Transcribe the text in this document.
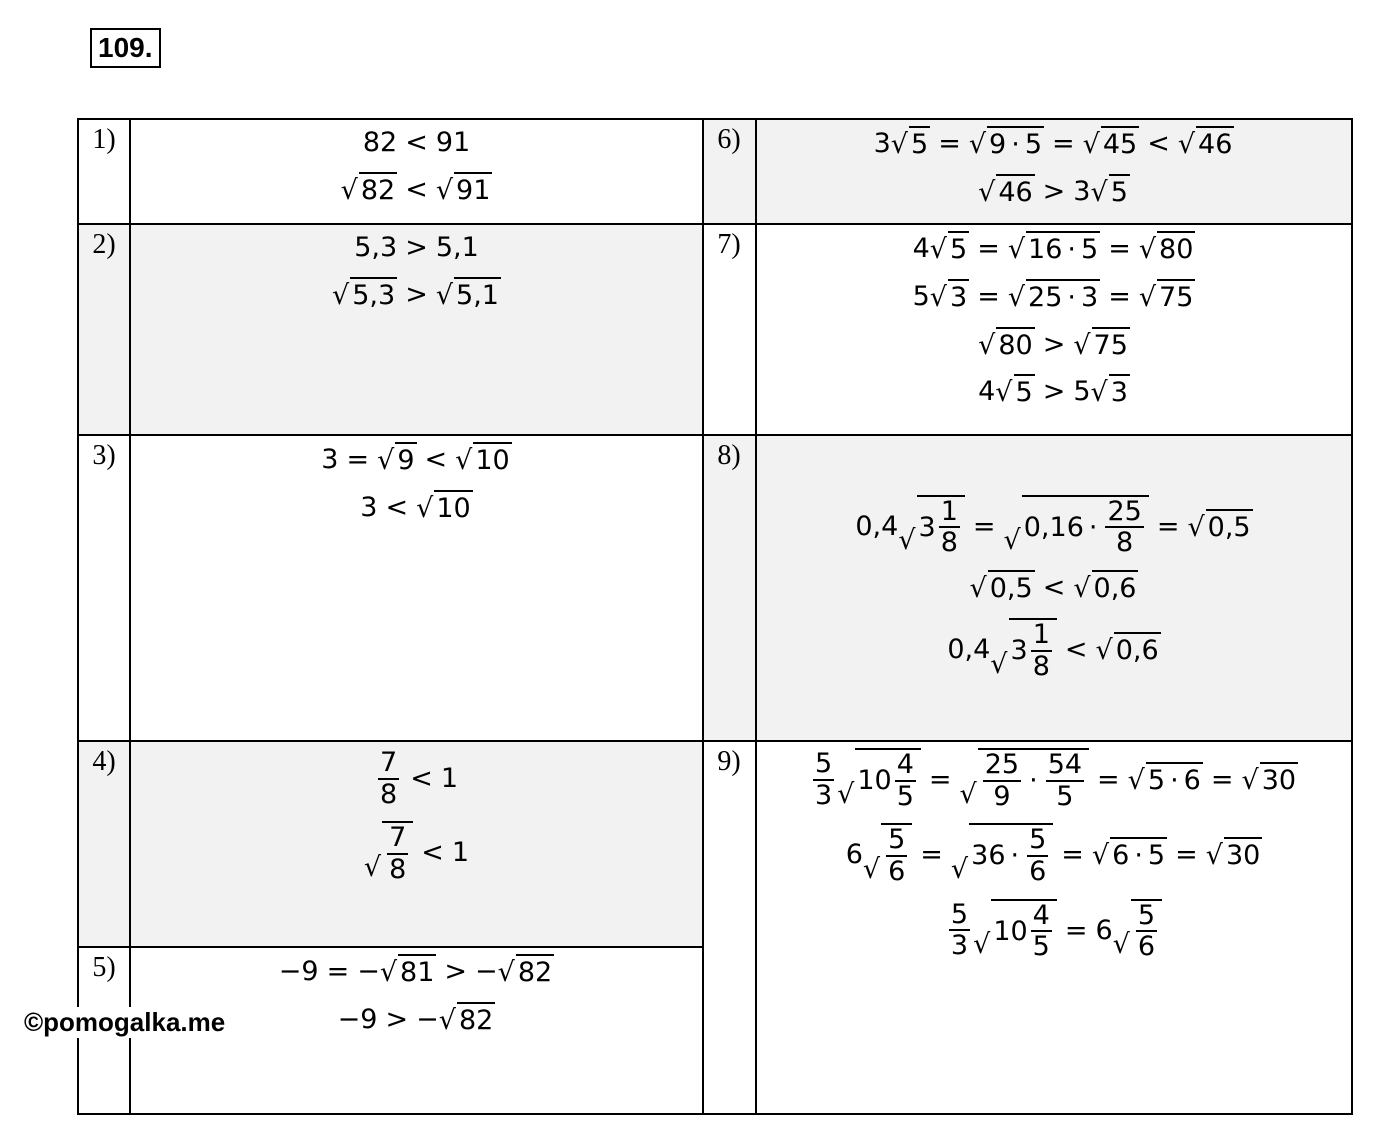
109.
1)
2)
3)
4)
5)
6)
7)
8)
9)
82 < 91
√ 82 < √ 91
5,3 > 5,1
√ 5,3 > √ 5,1
3 = √ 9 < √ 10
3 < √ 10
$\frac{7}{8} < 1$
√ $\frac{7}{8} < 1$
−9 = − √ 81 > − √ 82
−9 > − √ 82
3 √ 5 = √ 9 · 5 = √ 45 < √ 46
√ 46 > 3 √ 5
4 √ 5 = √ 16 · 5 = √ 80
5 √ 3 = √ 25 · 3 = √ 75
√ 80 > √ 75
4 √ 5 > 5 √ 3
0,4 √ $3 \frac{1}{8}$ = √ $0,16 \cdot \frac{25}{8}$ = √ 0,5
√ 0,5 < √ 0,6
0,4 √ $3 \frac{1}{8}$ < √ 0,6
$\frac{5}{3}$ √ $10 \frac{4}{5}$ = √ $\frac{25}{9} \cdot \frac{54}{5}$ = √ 5 · 6 = √ 30
6 √ $\frac{5}{6}$ = √ $36 \cdot \frac{5}{6}$ = √ 6 · 5 = √ 30
$\frac{5}{3}$ √ $10 \frac{4}{5} = 6$ √ $\frac{5}{6}$
©pomogalka.me
